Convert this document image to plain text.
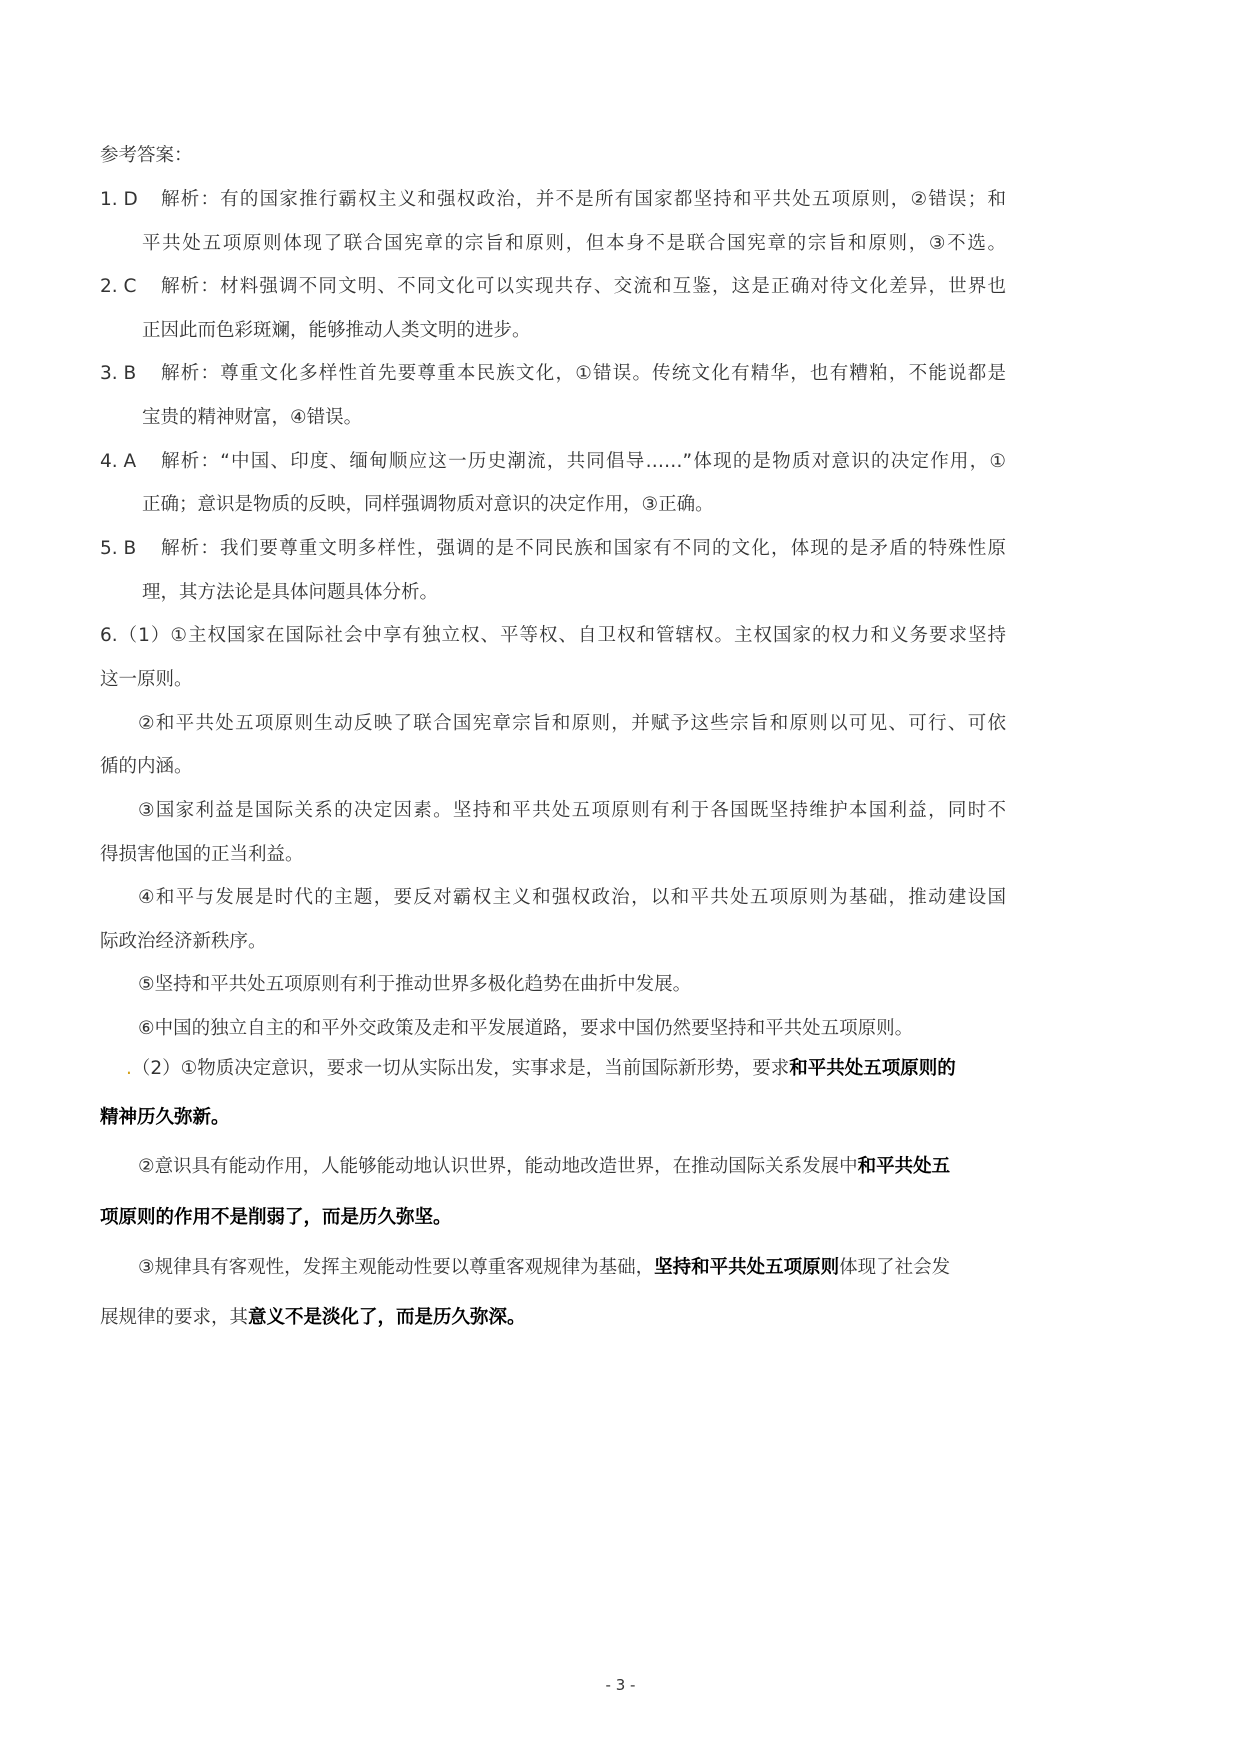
参考答案：
1. D 解析：有的国家推行霸权主义和强权政治，并不是所有国家都坚持和平共处五项原则，②错误；和
平共处五项原则体现了联合国宪章的宗旨和原则，但本身不是联合国宪章的宗旨和原则，③不选。
2. C 解析：材料强调不同文明、不同文化可以实现共存、交流和互鉴，这是正确对待文化差异，世界也
正因此而色彩斑斓，能够推动人类文明的进步。
3. B 解析：尊重文化多样性首先要尊重本民族文化，①错误。传统文化有精华，也有糟粕，不能说都是
宝贵的精神财富，④错误。
4. A 解析：“中国、印度、缅甸顺应这一历史潮流，共同倡导……”体现的是物质对意识的决定作用，①
正确；意识是物质的反映，同样强调物质对意识的决定作用，③正确。
5. B 解析：我们要尊重文明多样性，强调的是不同民族和国家有不同的文化，体现的是矛盾的特殊性原
理，其方法论是具体问题具体分析。
6.（1）①主权国家在国际社会中享有独立权、平等权、自卫权和管辖权。主权国家的权力和义务要求坚持
这一原则。
②和平共处五项原则生动反映了联合国宪章宗旨和原则，并赋予这些宗旨和原则以可见、可行、可依
循的内涵。
③国家利益是国际关系的决定因素。坚持和平共处五项原则有利于各国既坚持维护本国利益，同时不
得损害他国的正当利益。
④和平与发展是时代的主题，要反对霸权主义和强权政治，以和平共处五项原则为基础，推动建设国
际政治经济新秩序。
⑤坚持和平共处五项原则有利于推动世界多极化趋势在曲折中发展。
⑥中国的独立自主的和平外交政策及走和平发展道路，要求中国仍然要坚持和平共处五项原则。
.（2）①物质决定意识，要求一切从实际出发，实事求是，当前国际新形势，要求和平共处五项原则的
精神历久弥新。
②意识具有能动作用，人能够能动地认识世界，能动地改造世界，在推动国际关系发展中和平共处五
项原则的作用不是削弱了，而是历久弥坚。
③规律具有客观性，发挥主观能动性要以尊重客观规律为基础，坚持和平共处五项原则体现了社会发
展规律的要求，其意义不是淡化了，而是历久弥深。
- 3 -
